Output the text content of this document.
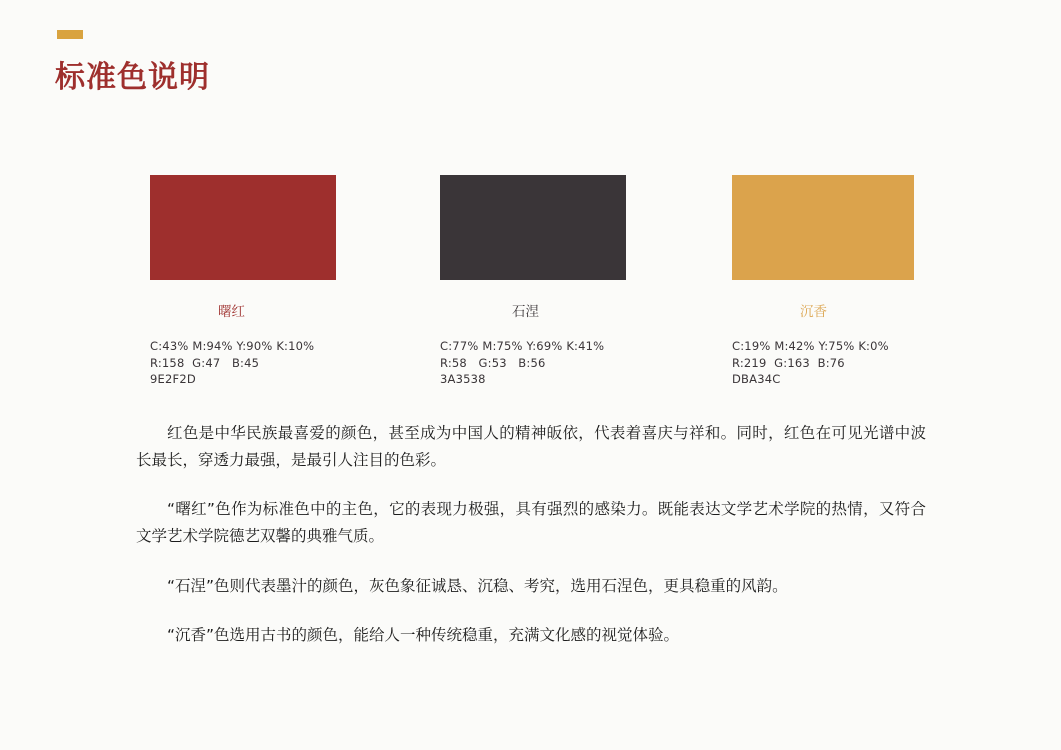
标准色说明
曙红
C:43% M:94% Y:90% K:10%
R:158  G:47   B:45
9E2F2D
石涅
C:77% M:75% Y:69% K:41%
R:58   G:53   B:56
3A3538
沉香
C:19% M:42% Y:75% K:0%
R:219  G:163  B:76
DBA34C

红色是中华民族最喜爱的颜色，甚至成为中国人的精神皈依，代表着喜庆与祥和。同时，红色在可见光谱中波长最长，穿透力最强，是最引人注目的色彩。

“曙红”色作为标准色中的主色，它的表现力极强，具有强烈的感染力。既能表达文学艺术学院的热情，又符合文学艺术学院德艺双馨的典雅气质。

“石涅”色则代表墨汁的颜色，灰色象征诚恳、沉稳、考究，选用石涅色，更具稳重的风韵。

“沉香”色选用古书的颜色，能给人一种传统稳重，充满文化感的视觉体验。
